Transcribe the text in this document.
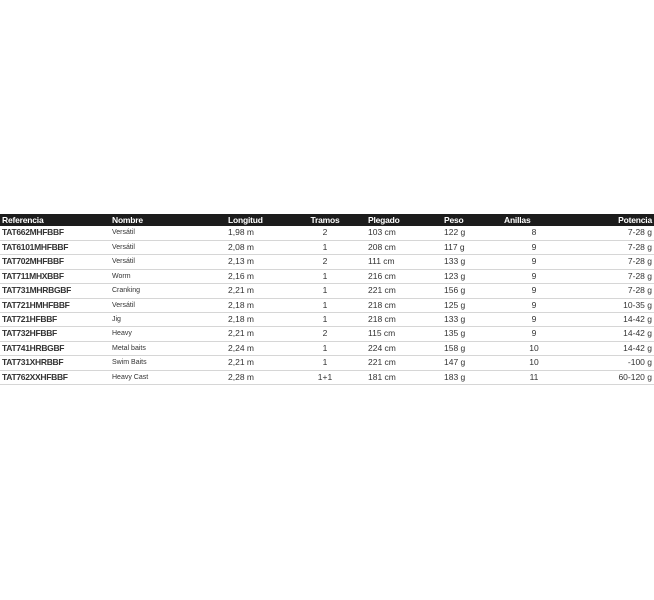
Referencia	Nombre	Longitud	Tramos	Plegado	Peso	Anillas	Potencia
TAT662MHFBBF	Versátil	1,98 m	2	103 cm	122 g	8	7-28 g
TAT6101MHFBBF	Versátil	2,08 m	1	208 cm	117 g	9	7-28 g
TAT702MHFBBF	Versátil	2,13 m	2	111 cm	133 g	9	7-28 g
TAT711MHXBBF	Worm	2,16 m	1	216 cm	123 g	9	7-28 g
TAT731MHRBGBF	Cranking	2,21 m	1	221 cm	156 g	9	7-28 g
TAT721HMHFBBF	Versátil	2,18 m	1	218 cm	125 g	9	10-35 g
TAT721HFBBF	Jig	2,18 m	1	218 cm	133 g	9	14-42 g
TAT732HFBBF	Heavy	2,21 m	2	115 cm	135 g	9	14-42 g
TAT741HRBGBF	Metal baits	2,24 m	1	224 cm	158 g	10	14-42 g
TAT731XHRBBF	Swim Baits	2,21 m	1	221 cm	147 g	10	-100 g
TAT762XXHFBBF	Heavy Cast	2,28 m	1+1	181 cm	183 g	11	60-120 g
